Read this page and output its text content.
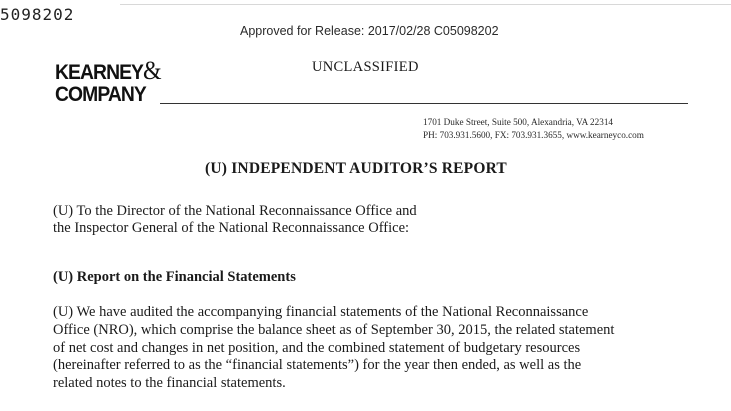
5098202
Approved for Release: 2017/02/28 C05098202
KEARNEY&
COMPANY
UNCLASSIFIED
1701 Duke Street, Suite 500, Alexandria, VA 22314
PH: 703.931.5600, FX: 703.931.3655, www.kearneyco.com
(U) INDEPENDENT AUDITOR’S REPORT
(U) To the Director of the National Reconnaissance Office and
the Inspector General of the National Reconnaissance Office:
(U) Report on the Financial Statements
(U) We have audited the accompanying financial statements of the National Reconnaissance
Office (NRO), which comprise the balance sheet as of September 30, 2015, the related statement
of net cost and changes in net position, and the combined statement of budgetary resources
(hereinafter referred to as the “financial statements”) for the year then ended, as well as the
related notes to the financial statements.
